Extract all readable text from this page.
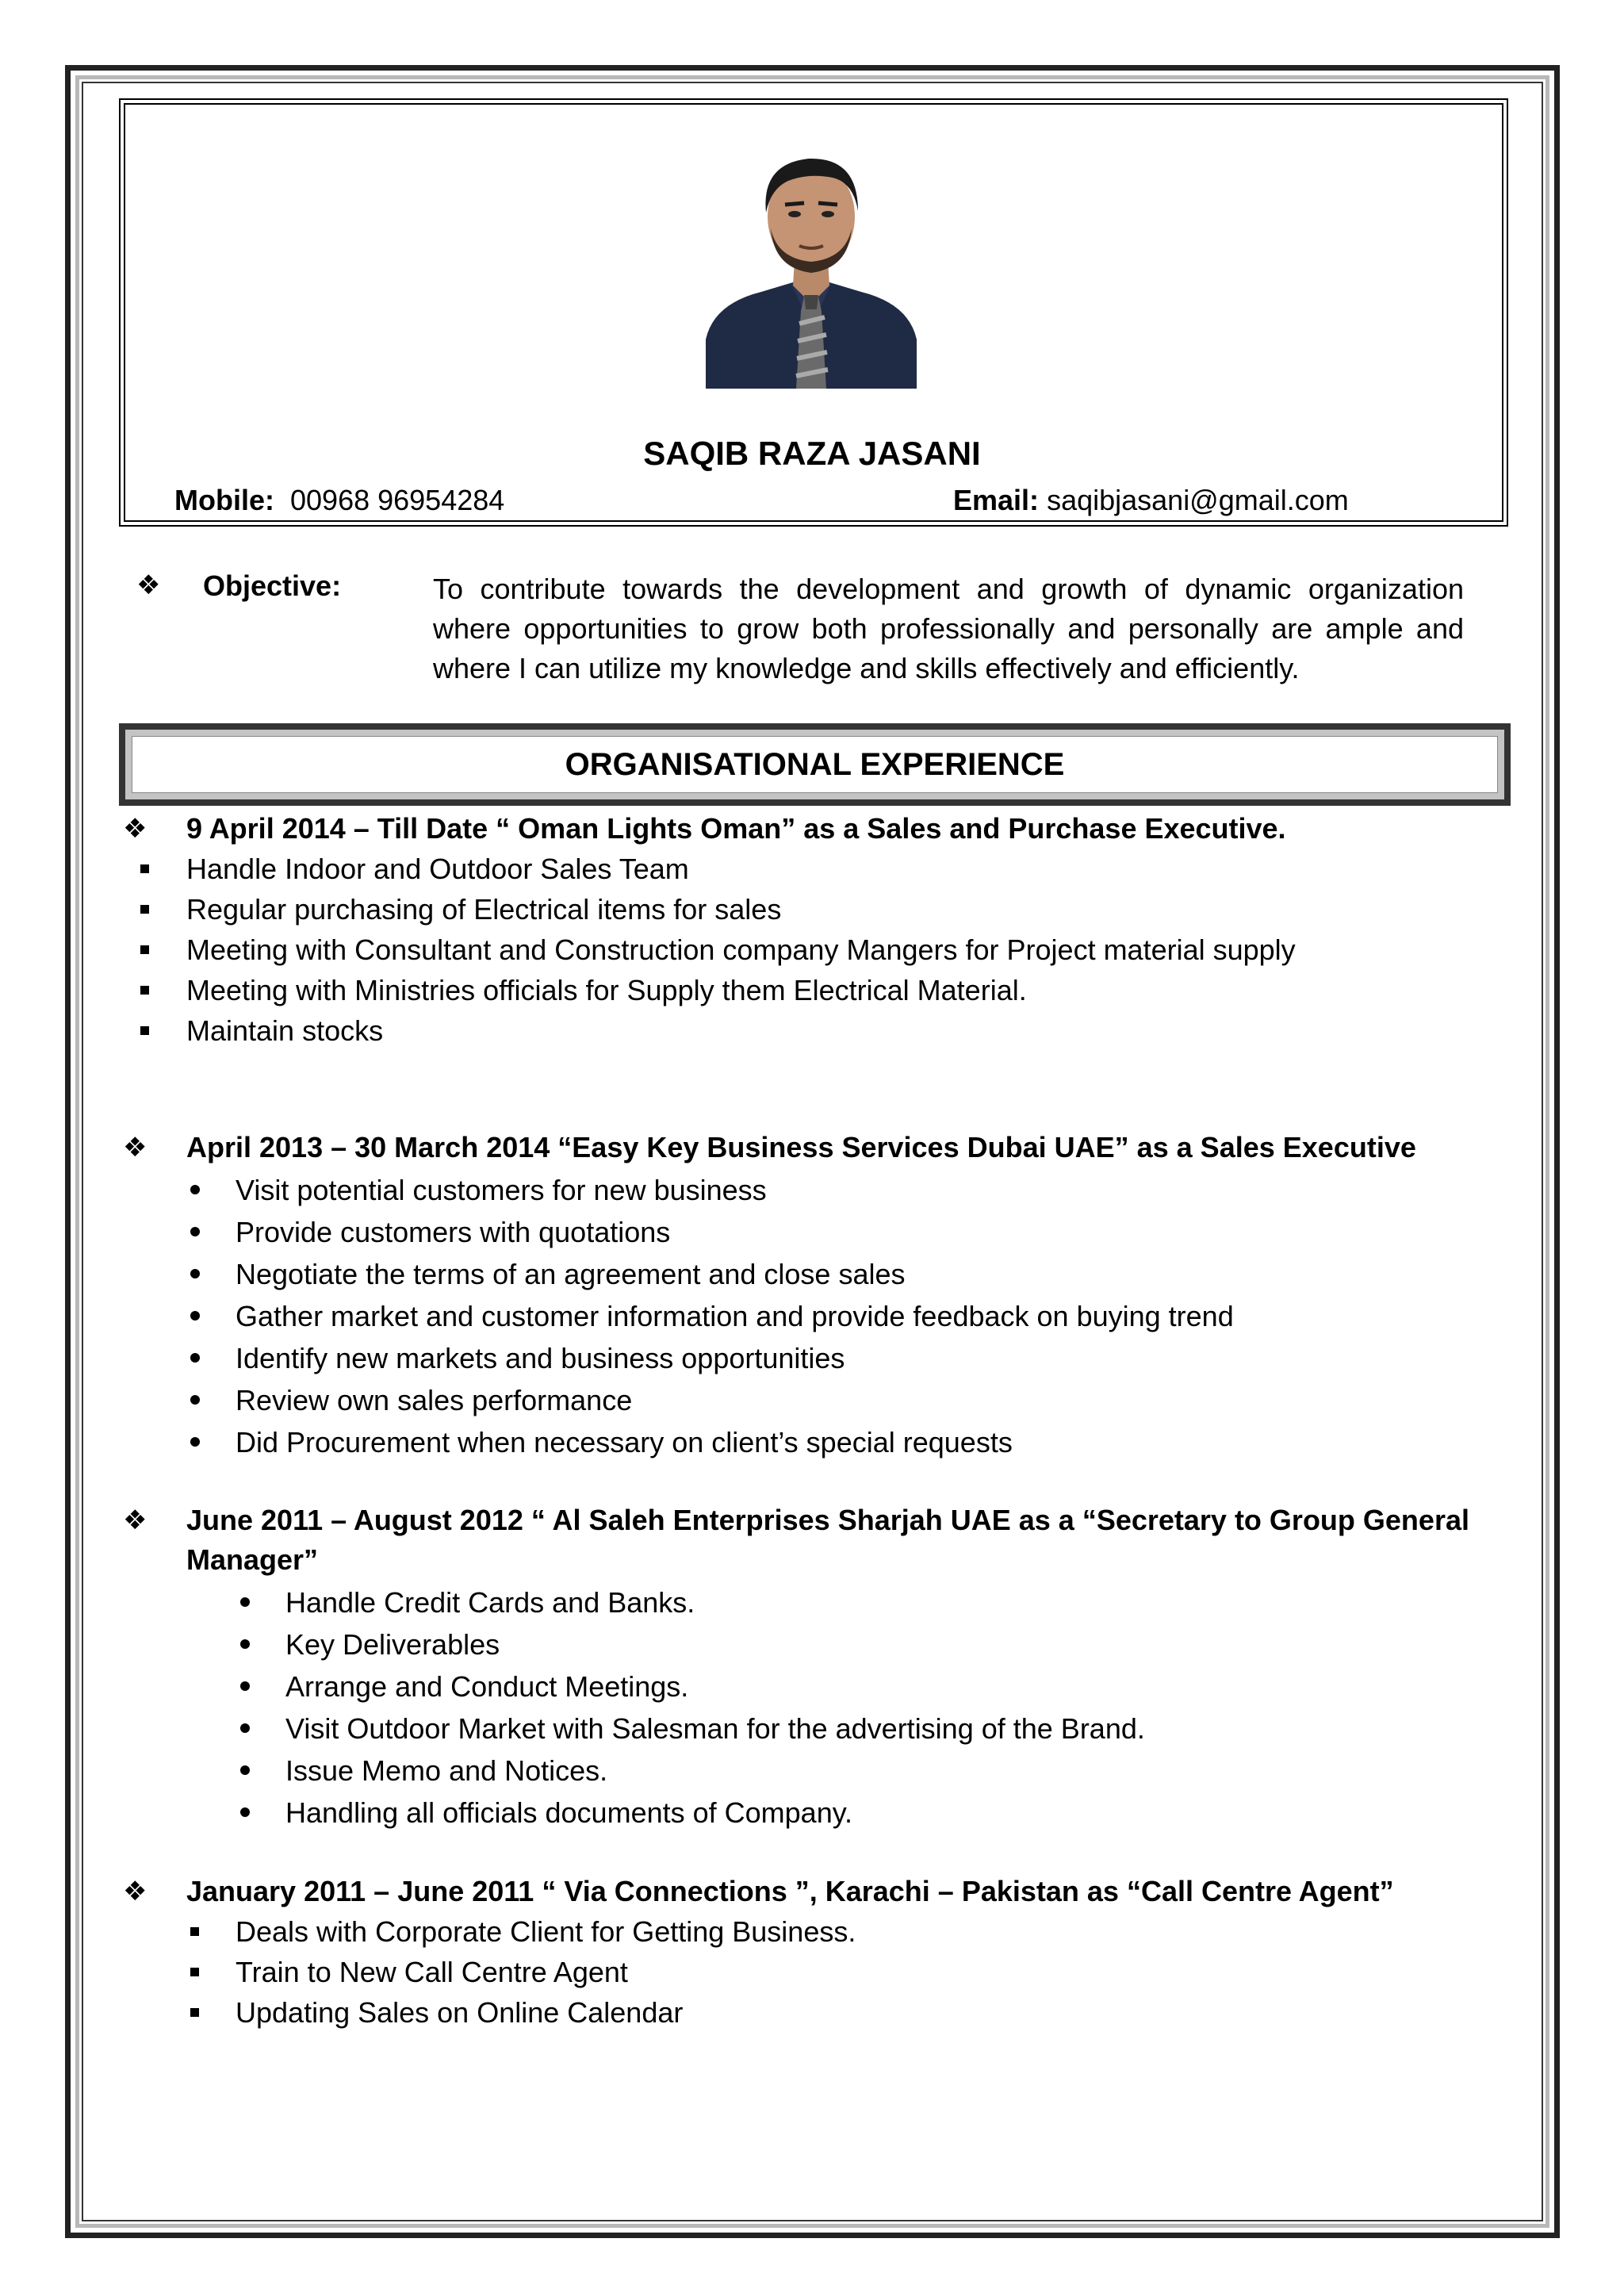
SAQIB RAZA JASANI
Mobile: 00968 96954284	Email: saqibjasani@gmail.com
❖ Objective:	To contribute towards the development and growth of dynamic organization where opportunities to grow both professionally and personally are ample and where I can utilize my knowledge and skills effectively and efficiently.
ORGANISATIONAL EXPERIENCE
❖ 9 April 2014 – Till Date “ Oman Lights Oman” as a Sales and Purchase Executive.
Handle Indoor and Outdoor Sales Team
Regular purchasing of Electrical items for sales
Meeting with Consultant and Construction company Mangers for Project material supply
Meeting with Ministries officials for Supply them Electrical Material.
Maintain stocks
❖ April 2013 – 30 March 2014 “Easy Key Business Services Dubai UAE” as a Sales Executive
Visit potential customers for new business
Provide customers with quotations
Negotiate the terms of an agreement and close sales
Gather market and customer information and provide feedback on buying trend
Identify new markets and business opportunities
Review own sales performance
Did Procurement when necessary on client’s special requests
❖ June 2011 – August 2012 “ Al Saleh Enterprises Sharjah UAE as a “Secretary to Group General Manager”
Handle Credit Cards and Banks.
Key Deliverables
Arrange and Conduct Meetings.
Visit Outdoor Market with Salesman for the advertising of the Brand.
Issue Memo and Notices.
Handling all officials documents of Company.
❖ January 2011 – June 2011 “ Via Connections ”, Karachi – Pakistan as “Call Centre Agent”
Deals with Corporate Client for Getting Business.
Train to New Call Centre Agent
Updating Sales on Online Calendar
